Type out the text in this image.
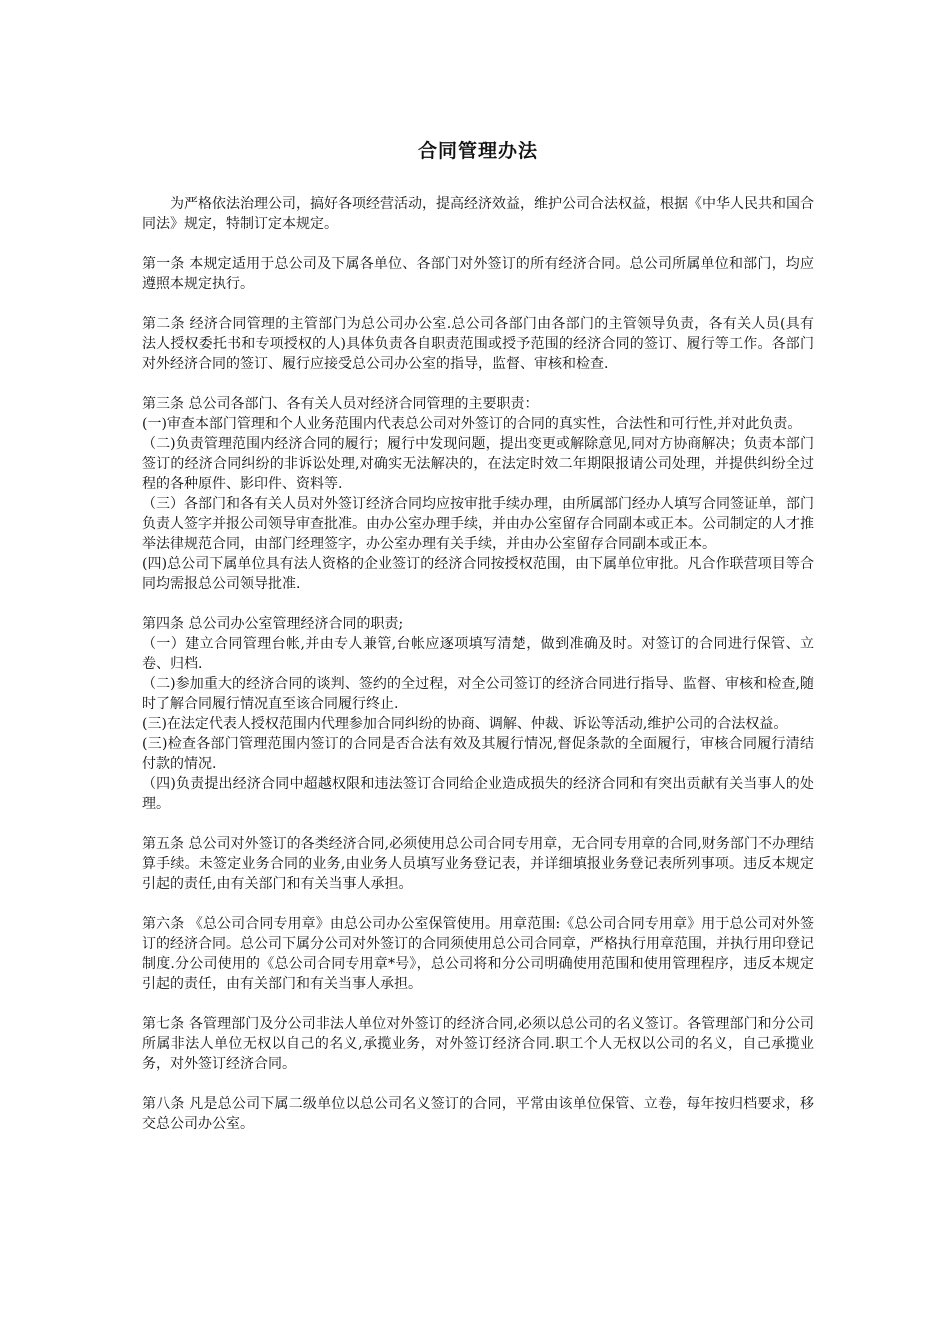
合同管理办法

为严格依法治理公司，搞好各项经营活动，提高经济效益，维护公司合法权益，根据《中华人民共和国合同法》规定，特制订定本规定。

第一条 本规定适用于总公司及下属各单位、各部门对外签订的所有经济合同。总公司所属单位和部门，均应遵照本规定执行。

第二条 经济合同管理的主管部门为总公司办公室.总公司各部门由各部门的主管领导负责，各有关人员(具有法人授权委托书和专项授权的人)具体负责各自职责范围或授予范围的经济合同的签订、履行等工作。各部门对外经济合同的签订、履行应接受总公司办公室的指导，监督、审核和检查.

第三条 总公司各部门、各有关人员对经济合同管理的主要职责：

(一)审查本部门管理和个人业务范围内代表总公司对外签订的合同的真实性，合法性和可行性,并对此负责。

（二)负责管理范围内经济合同的履行；履行中发现问题，提出变更或解除意见,同对方协商解决；负责本部门签订的经济合同纠纷的非诉讼处理,对确实无法解决的，在法定时效二年期限报请公司处理，并提供纠纷全过程的各种原件、影印件、资料等.

（三）各部门和各有关人员对外签订经济合同均应按审批手续办理，由所属部门经办人填写合同签证单，部门负责人签字并报公司领导审查批准。由办公室办理手续，并由办公室留存合同副本或正本。公司制定的人才推举法律规范合同，由部门经理签字，办公室办理有关手续，并由办公室留存合同副本或正本。

(四)总公司下属单位具有法人资格的企业签订的经济合同按授权范围，由下属单位审批。凡合作联营项目等合同均需报总公司领导批准.

第四条 总公司办公室管理经济合同的职责;

（一）建立合同管理台帐,并由专人兼管,台帐应逐项填写清楚，做到准确及时。对签订的合同进行保管、立卷、归档.

（二)参加重大的经济合同的谈判、签约的全过程，对全公司签订的经济合同进行指导、监督、审核和检查,随时了解合同履行情况直至该合同履行终止.

(三)在法定代表人授权范围内代理参加合同纠纷的协商、调解、仲裁、诉讼等活动,维护公司的合法权益。

(三)检查各部门管理范围内签订的合同是否合法有效及其履行情况,督促条款的全面履行，审核合同履行清结付款的情况.

（四)负责提出经济合同中超越权限和违法签订合同给企业造成损失的经济合同和有突出贡献有关当事人的处理。

第五条 总公司对外签订的各类经济合同,必须使用总公司合同专用章，无合同专用章的合同,财务部门不办理结算手续。未签定业务合同的业务,由业务人员填写业务登记表，并详细填报业务登记表所列事项。违反本规定引起的责任,由有关部门和有关当事人承担。

第六条 《总公司合同专用章》由总公司办公室保管使用。用章范围:《总公司合同专用章》用于总公司对外签订的经济合同。总公司下属分公司对外签订的合同须使用总公司合同章，严格执行用章范围，并执行用印登记制度.分公司使用的《总公司合同专用章*号》，总公司将和分公司明确使用范围和使用管理程序，违反本规定引起的责任，由有关部门和有关当事人承担。

第七条 各管理部门及分公司非法人单位对外签订的经济合同,必须以总公司的名义签订。各管理部门和分公司所属非法人单位无权以自己的名义,承揽业务，对外签订经济合同.职工个人无权以公司的名义，自己承揽业务，对外签订经济合同。

第八条 凡是总公司下属二级单位以总公司名义签订的合同，平常由该单位保管、立卷，每年按归档要求，移交总公司办公室。
